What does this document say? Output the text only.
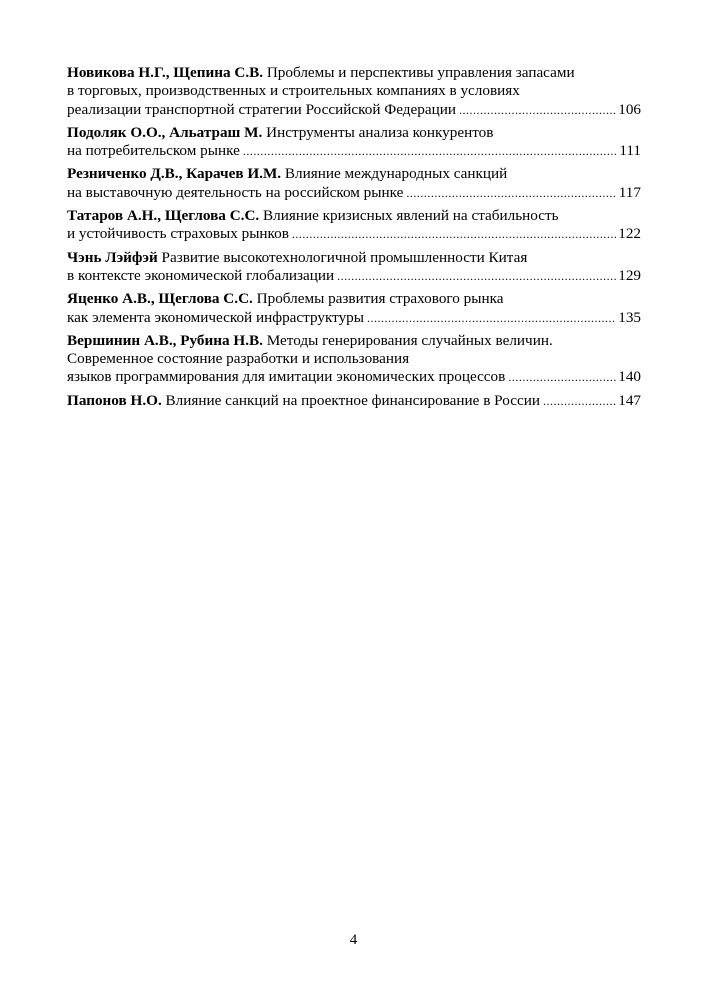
Новикова Н.Г., Щепина С.В. Проблемы и перспективы управления запасами
в торговых, производственных и строительных компаниях в условиях
реализации транспортной стратегии Российской Федерации .....	106
Подоляк О.О., Альатраш М. Инструменты анализа конкурентов
на потребительском рынке .....	111
Резниченко Д.В., Карачев И.М. Влияние международных санкций
на выставочную деятельность на российском рынке .....	117
Татаров А.Н., Щеглова С.С. Влияние кризисных явлений на стабильность
и устойчивость страховых рынков .....	122
Чэнь Лэйфэй Развитие высокотехнологичной промышленности Китая
в контексте экономической глобализации .....	129
Яценко А.В., Щеглова С.С. Проблемы развития страхового рынка
как элемента экономической инфраструктуры .....	135
Вершинин А.В., Рубина Н.В. Методы генерирования случайных величин.
Современное состояние разработки и использования
языков программирования для имитации экономических процессов .....	140
Папонов Н.О. Влияние санкций на проектное финансирование в России .....	147
4
